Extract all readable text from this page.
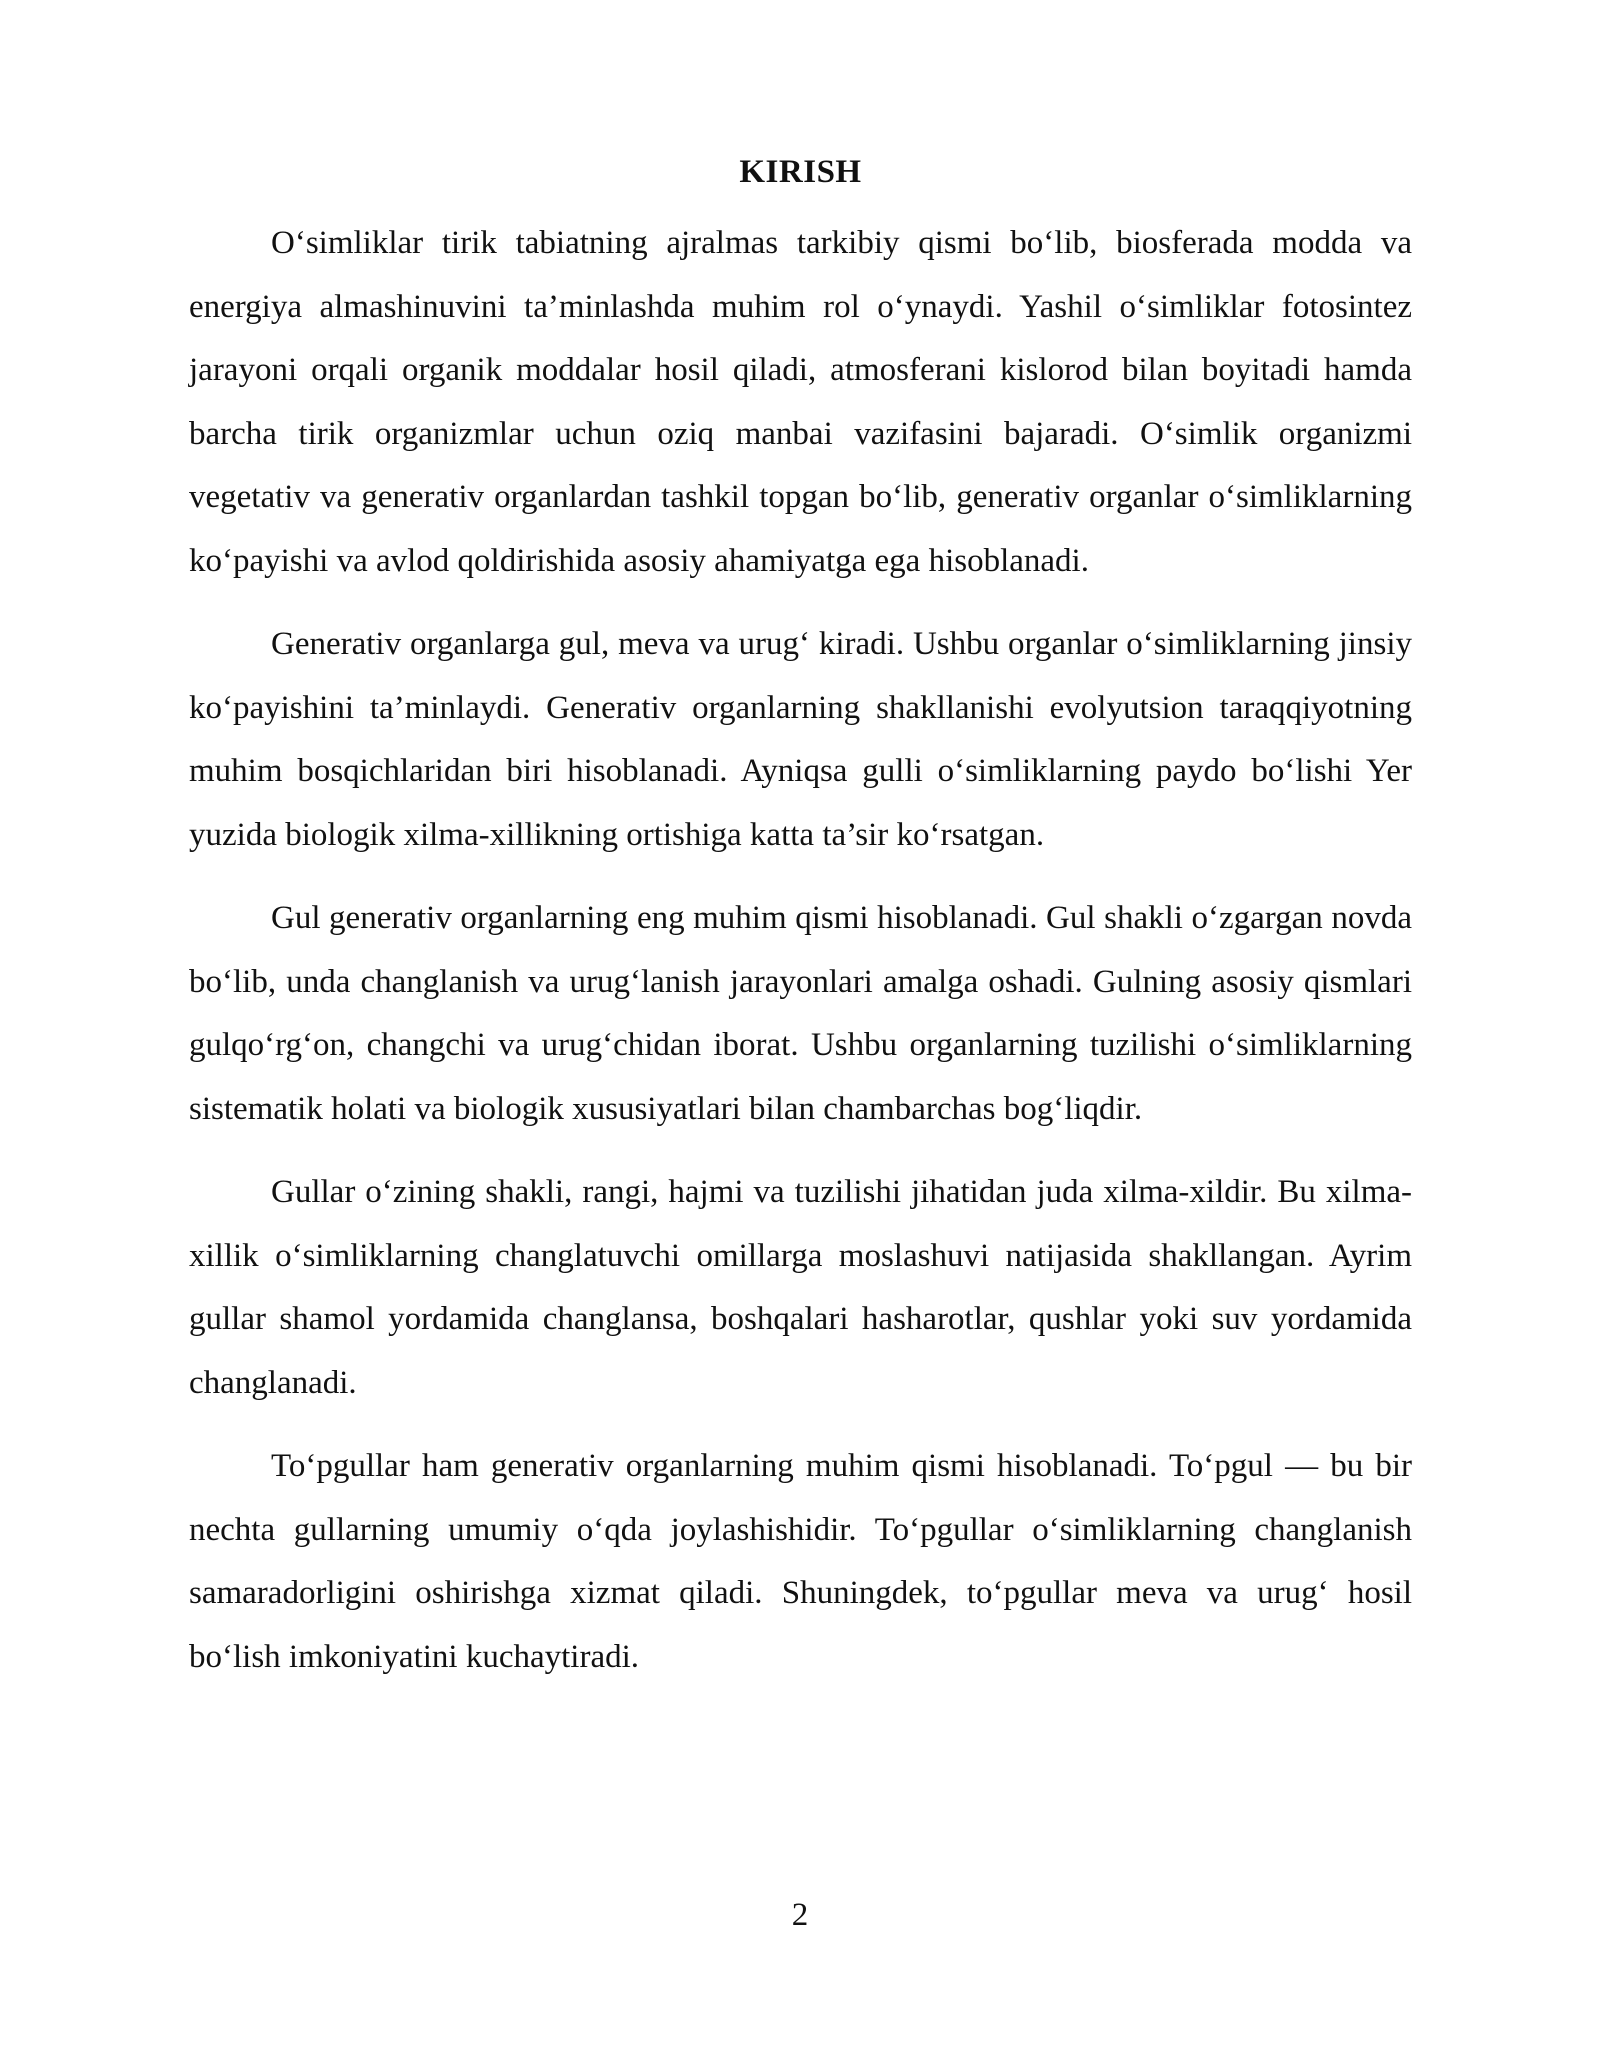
KIRISH

O‘simliklar tirik tabiatning ajralmas tarkibiy qismi bo‘lib, biosferada modda va energiya almashinuvini ta’minlashda muhim rol o‘ynaydi. Yashil o‘simliklar fotosintez jarayoni orqali organik moddalar hosil qiladi, atmosferani kislorod bilan boyitadi hamda barcha tirik organizmlar uchun oziq manbai vazifasini bajaradi. O‘simlik organizmi vegetativ va generativ organlardan tashkil topgan bo‘lib, generativ organlar o‘simliklarning ko‘payishi va avlod qoldirishida asosiy ahamiyatga ega hisoblanadi.

Generativ organlarga gul, meva va urug‘ kiradi. Ushbu organlar o‘simliklarning jinsiy ko‘payishini ta’minlaydi. Generativ organlarning shakllanishi evolyutsion taraqqiyotning muhim bosqichlaridan biri hisoblanadi. Ayniqsa gulli o‘simliklarning paydo bo‘lishi Yer yuzida biologik xilma-xillikning ortishiga katta ta’sir ko‘rsatgan.

Gul generativ organlarning eng muhim qismi hisoblanadi. Gul shakli o‘zgargan novda bo‘lib, unda changlanish va urug‘lanish jarayonlari amalga oshadi. Gulning asosiy qismlari gulqo‘rg‘on, changchi va urug‘chidan iborat. Ushbu organlarning tuzilishi o‘simliklarning sistematik holati va biologik xususiyatlari bilan chambarchas bog‘liqdir.

Gullar o‘zining shakli, rangi, hajmi va tuzilishi jihatidan juda xilma-xildir. Bu xilma-xillik o‘simliklarning changlatuvchi omillarga moslashuvi natijasida shakllangan. Ayrim gullar shamol yordamida changlansa, boshqalari hasharotlar, qushlar yoki suv yordamida changlanadi.

To‘pgullar ham generativ organlarning muhim qismi hisoblanadi. To‘pgul — bu bir nechta gullarning umumiy o‘qda joylashishidir. To‘pgullar o‘simliklarning changlanish samaradorligini oshirishga xizmat qiladi. Shuningdek, to‘pgullar meva va urug‘ hosil bo‘lish imkoniyatini kuchaytiradi.

2
